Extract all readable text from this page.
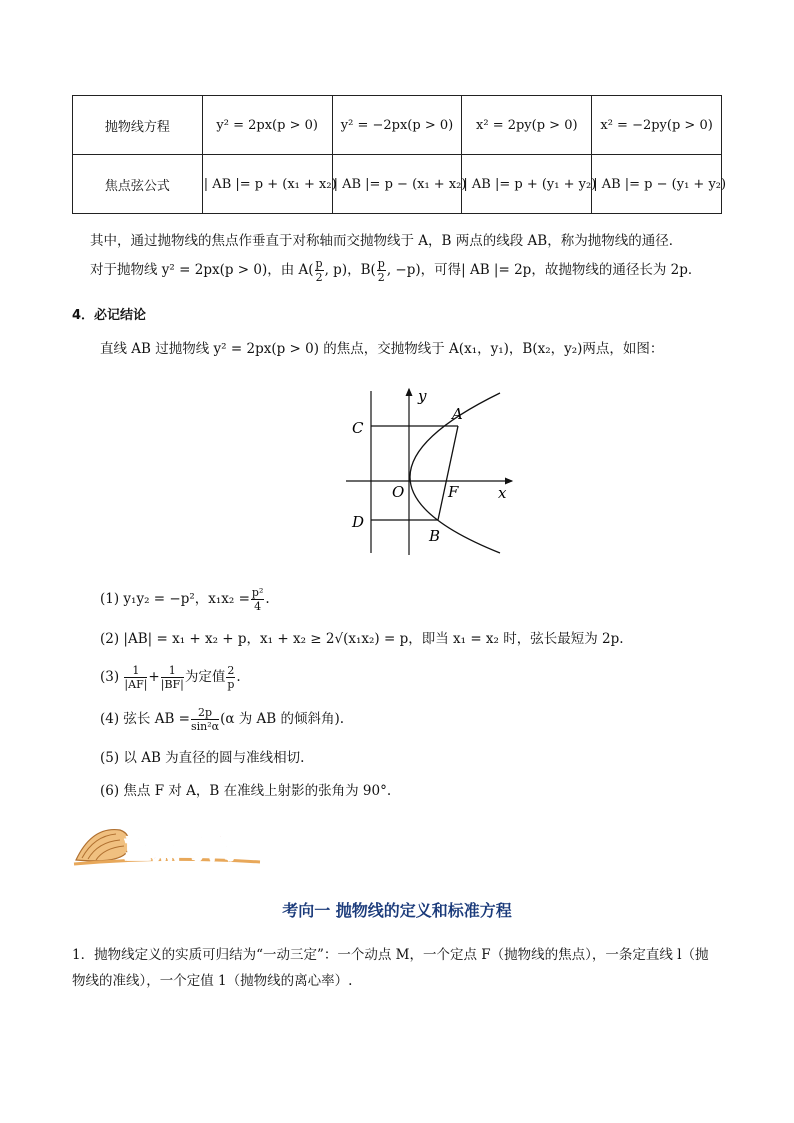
抛物线方程	y² = 2px(p > 0)	y² = −2px(p > 0)	x² = 2py(p > 0)	x² = −2py(p > 0)
焦点弦公式	| AB |= p + (x₁ + x₂)	| AB |= p − (x₁ + x₂)	| AB |= p + (y₁ + y₂)	| AB |= p − (y₁ + y₂)
其中，通过抛物线的焦点作垂直于对称轴而交抛物线于 A，B 两点的线段 AB，称为抛物线的通径．
对于抛物线 y² = 2px(p > 0)，由 $A( \frac{p}{2}$ , p)，$B( \frac{p}{2}$ , −p)，可得| AB |= 2p，故抛物线的通径长为 2p．
4．必记结论
直线 AB 过抛物线 y² = 2px(p > 0) 的焦点，交抛物线于 A(x₁，y₁)，B(x₂，y₂)两点，如图：
y
x
A
B
C
D
O	F
(1) y₁y₂ = −p²，$x_1x_2 = \frac{\text{p²}}{4}$ .
(2) |AB| = x₁ + x₂ + p，x₁ + x₂ ≥ 2√(x₁x₂) = p，即当 x₁ = x₂ 时，弦长最短为 2p.
$(3) \frac{1}{|AF|} + \frac{1}{|BF|}$ 为定值 $\frac{2}{p}$ .
(4) 弦长 AB = $\frac{2p}{\text{sin²α}} (\alpha$ 为 AB 的倾斜角).
(5) 以 AB 为直径的圆与准线相切.
(6) 焦点 F 对 A，B 在准线上射影的张角为 90°.
重点考向
考向一 抛物线的定义和标准方程
1．抛物线定义的实质可归结为“一动三定”：一个动点 M，一个定点 F（抛物线的焦点），一条定直线 l（抛
物线的准线），一个定值 1（抛物线的离心率）.
